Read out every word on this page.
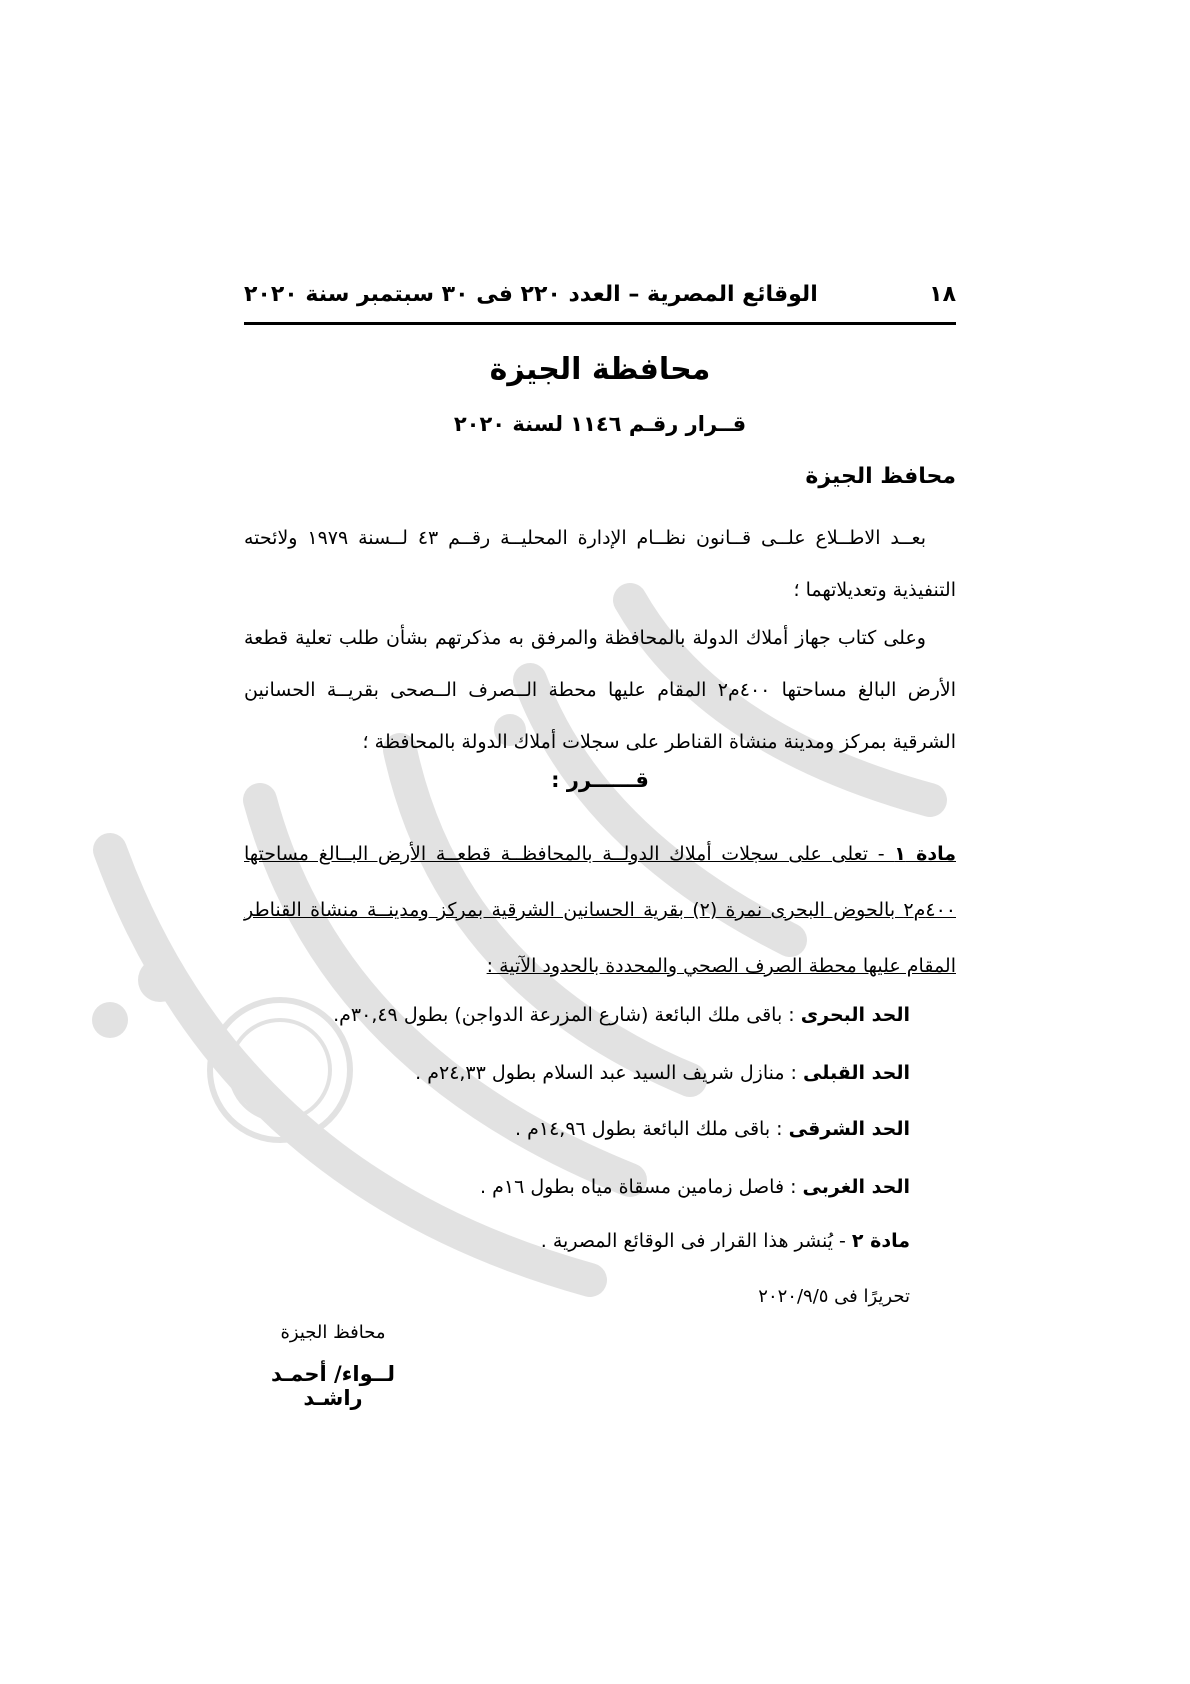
١٨
الوقائع المصرية – العدد ٢٢٠ فى ٣٠ سبتمبر سنة ٢٠٢٠
محافظة الجيزة
قــرار رقـم ١١٤٦ لسنة ٢٠٢٠
محافظ الجيزة
بعــد الاطــلاع علــى قــانون نظــام الإدارة المحليــة رقــم ٤٣ لــسنة ١٩٧٩ ولائحته التنفيذية وتعديلاتهما ؛
وعلى كتاب جهاز أملاك الدولة بالمحافظة والمرفق به مذكرتهم بشأن طلب تعلية قطعة الأرض البالغ مساحتها ٤٠٠م٢ المقام عليها محطة الــصرف الــصحى بقريــة الحسانين الشرقية بمركز ومدينة منشاة القناطر على سجلات أملاك الدولة بالمحافظة ؛
قــــــرر :
مادة ١ - تعلى على سجلات أملاك الدولــة بالمحافظــة قطعــة الأرض البــالغ مساحتها ٤٠٠م٢ بالحوض البحرى نمرة (٢) بقرية الحسانين الشرقية بمركز ومدينــة منشاة القناطر المقام عليها محطة الصرف الصحي والمحددة بالحدود الآتية :
الحد البحرى : باقى ملك البائعة (شارع المزرعة الدواجن) بطول ٣٠,٤٩م.
الحد القبلى : منازل شريف السيد عبد السلام بطول ٢٤,٣٣م .
الحد الشرقى : باقى ملك البائعة بطول ١٤,٩٦م .
الحد الغربى : فاصل زمامين مسقاة مياه بطول ١٦م .
مادة ٢ - يُنشر هذا القرار فى الوقائع المصرية .
تحريرًا فى ٢٠٢٠/٩/٥
محافظ الجيزة
لــواء/ أحمـد راشـد
